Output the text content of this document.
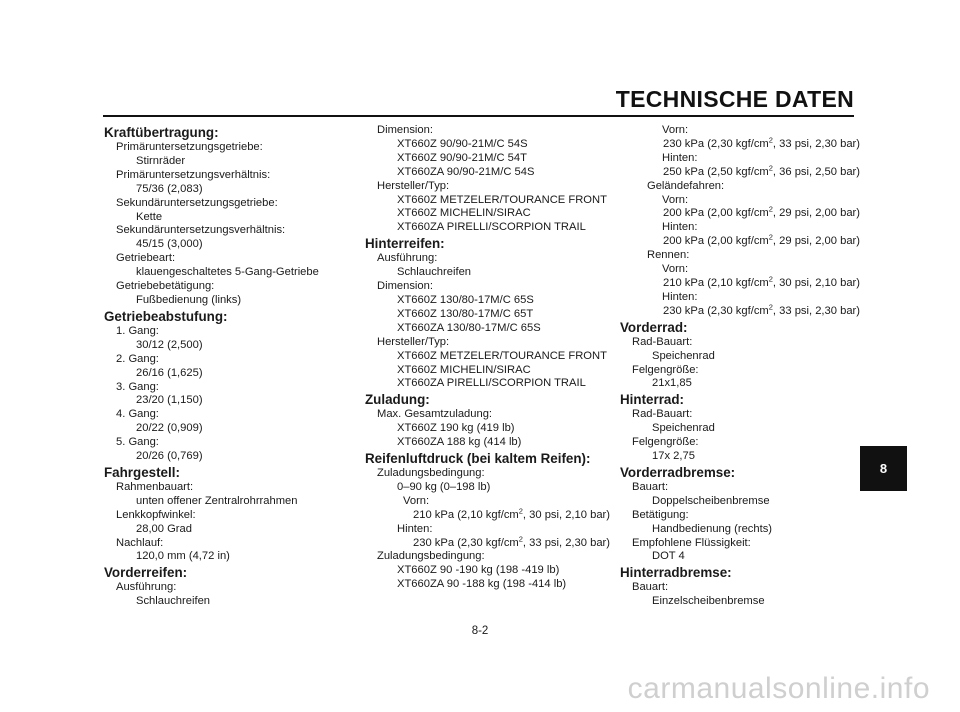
TECHNISCHE DATEN
Kraftübertragung:
Primäruntersetzungsgetriebe:
Stirnräder
Primäruntersetzungsverhältnis:
75/36 (2,083)
Sekundäruntersetzungsgetriebe:
Kette
Sekundäruntersetzungsverhältnis:
45/15 (3,000)
Getriebeart:
klauengeschaltetes 5-Gang-Getriebe
Getriebebetätigung:
Fußbedienung (links)
Getriebeabstufung:
1. Gang:
30/12 (2,500)
2. Gang:
26/16 (1,625)
3. Gang:
23/20 (1,150)
4. Gang:
20/22 (0,909)
5. Gang:
20/26 (0,769)
Fahrgestell:
Rahmenbauart:
unten offener Zentralrohrrahmen
Lenkkopfwinkel:
28,00 Grad
Nachlauf:
120,0 mm (4,72 in)
Vorderreifen:
Ausführung:
Schlauchreifen
Dimension:
XT660Z 90/90-21M/C 54S
XT660Z 90/90-21M/C 54T
XT660ZA 90/90-21M/C 54S
Hersteller/Typ:
XT660Z METZELER/TOURANCE FRONT
XT660Z MICHELIN/SIRAC
XT660ZA PIRELLI/SCORPION TRAIL
Hinterreifen:
Ausführung:
Schlauchreifen
Dimension:
XT660Z 130/80-17M/C 65S
XT660Z 130/80-17M/C 65T
XT660ZA 130/80-17M/C 65S
Hersteller/Typ:
XT660Z METZELER/TOURANCE FRONT
XT660Z MICHELIN/SIRAC
XT660ZA PIRELLI/SCORPION TRAIL
Zuladung:
Max. Gesamtzuladung:
XT660Z 190 kg (419 lb)
XT660ZA 188 kg (414 lb)
Reifenluftdruck (bei kaltem Reifen):
Zuladungsbedingung:
0–90 kg (0–198 lb)
Vorn:
210 kPa (2,10 kgf/$cm^2$, 30 psi, 2,10 bar)
Hinten:
230 kPa (2,30 kgf/$cm^2$, 33 psi, 2,30 bar)
Zuladungsbedingung:
XT660Z 90 -190 kg (198 -419 lb)
XT660ZA 90 -188 kg (198 -414 lb)
Vorn:
230 kPa (2,30 kgf/$cm^2$, 33 psi, 2,30 bar)
Hinten:
250 kPa (2,50 kgf/$cm^2$, 36 psi, 2,50 bar)
Geländefahren:
Vorn:
200 kPa (2,00 kgf/$cm^2$, 29 psi, 2,00 bar)
Hinten:
200 kPa (2,00 kgf/$cm^2$, 29 psi, 2,00 bar)
Rennen:
Vorn:
210 kPa (2,10 kgf/$cm^2$, 30 psi, 2,10 bar)
Hinten:
230 kPa (2,30 kgf/$cm^2$, 33 psi, 2,30 bar)
Vorderrad:
Rad-Bauart:
Speichenrad
Felgengröße:
21x1,85
Hinterrad:
Rad-Bauart:
Speichenrad
Felgengröße:
17x 2,75
Vorderradbremse:
Bauart:
Doppelscheibenbremse
Betätigung:
Handbedienung (rechts)
Empfohlene Flüssigkeit:
DOT 4
Hinterradbremse:
Bauart:
Einzelscheibenbremse
8
8-2
carmanualsonline.info
